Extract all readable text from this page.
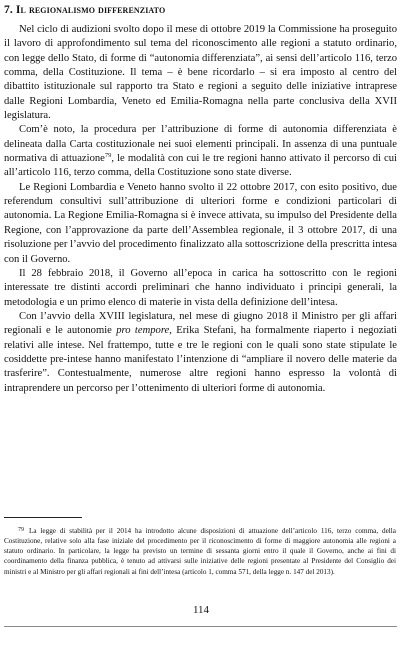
7. Il regionalismo differenziato

Nel ciclo di audizioni svolto dopo il mese di ottobre 2019 la Commissione ha proseguito il lavoro di approfondimento sul tema del riconoscimento alle regioni a statuto ordinario, con legge dello Stato, di forme di “autonomia differenziata”, ai sensi dell’articolo 116, terzo comma, della Costituzione. Il tema – è bene ricordarlo – si era imposto al centro del dibattito istituzionale sul rapporto tra Stato e regioni a seguito delle iniziative intraprese dalle Regioni Lombardia, Veneto ed Emilia-Romagna nella parte conclusiva della XVII legislatura.

Com’è noto, la procedura per l’attribuzione di forme di autonomia differenziata è delineata dalla Carta costituzionale nei suoi elementi principali. In assenza di una puntuale normativa di attuazione$^{79}$, le modalità con cui le tre regioni hanno attivato il percorso di cui all’articolo 116, terzo comma, della Costituzione sono state diverse.

Le Regioni Lombardia e Veneto hanno svolto il 22 ottobre 2017, con esito positivo, due referendum consultivi sull’attribuzione di ulteriori forme e condizioni particolari di autonomia. La Regione Emilia-Romagna si è invece attivata, su impulso del Presidente della Regione, con l’approvazione da parte dell’Assemblea regionale, il 3 ottobre 2017, di una risoluzione per l’avvio del procedimento finalizzato alla sottoscrizione della prescritta intesa con il Governo.

Il 28 febbraio 2018, il Governo all’epoca in carica ha sottoscritto con le regioni interessate tre distinti accordi preliminari che hanno individuato i principi generali, la metodologia e un primo elenco di materie in vista della definizione dell’intesa.

Con l’avvio della XVIII legislatura, nel mese di giugno 2018 il Ministro per gli affari regionali e le autonomie pro tempore, Erika Stefani, ha formalmente riaperto i negoziati relativi alle intese. Nel frattempo, tutte e tre le regioni con le quali sono state stipulate le cosiddette pre-intese hanno manifestato l’intenzione di “ampliare il novero delle materie da trasferire”. Contestualmente, numerose altre regioni hanno espresso la volontà di intraprendere un percorso per l’ottenimento di ulteriori forme di autonomia.

$^{79}$ La legge di stabilità per il 2014 ha introdotto alcune disposizioni di attuazione dell’articolo 116, terzo comma, della Costituzione, relative solo alla fase iniziale del procedimento per il riconoscimento di forme di maggiore autonomia alle regioni a statuto ordinario. In particolare, la legge ha previsto un termine di sessanta giorni entro il quale il Governo, anche ai fini di coordinamento della finanza pubblica, è tenuto ad attivarsi sulle iniziative delle regioni presentate al Presidente del Consiglio dei ministri e al Ministro per gli affari regionali ai fini dell’intesa (articolo 1, comma 571, della legge n. 147 del 2013).

114
